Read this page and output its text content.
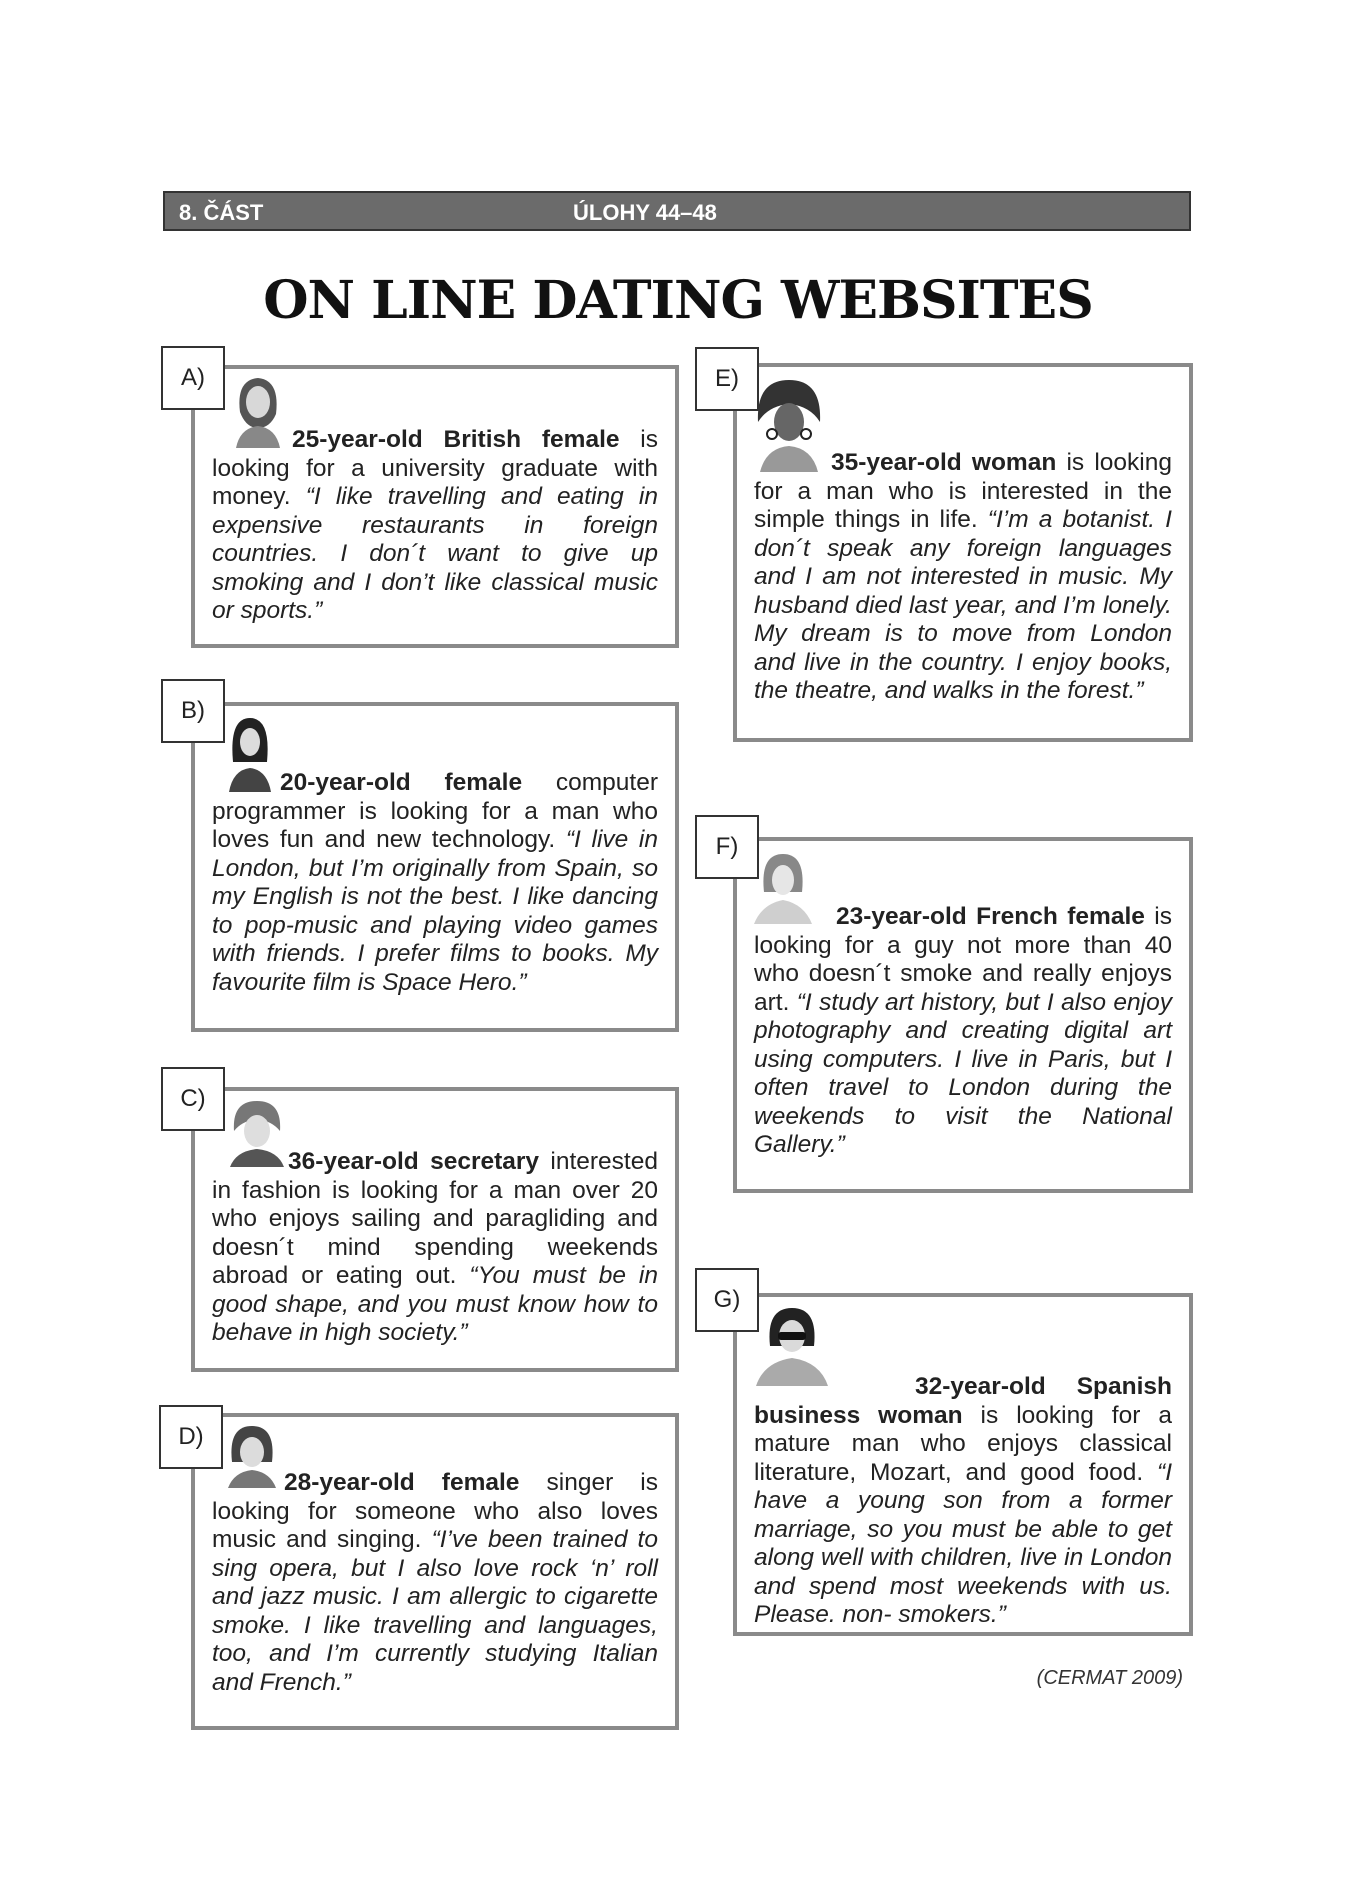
8. ČÁST	ÚLOHY 44–48
ON LINE DATING WEBSITES
A)
25-year-old British female is looking for a university graduate with money. “I like travelling and eating in expensive restaurants in foreign countries. I don´t want to give up smoking and I don’t like classical music or sports.”
B)
20-year-old female computer programmer is looking for a man who loves fun and new technology. “I live in London, but I’m originally from Spain, so my English is not the best. I like dancing to pop-music and playing video games with friends. I prefer films to books. My favourite film is Space Hero.”
C)
36-year-old secretary interested in fashion is looking for a man over 20 who enjoys sailing and paragliding and doesn´t mind spending weekends abroad or eating out. “You must be in good shape, and you must know how to behave in high society.”
D)
28-year-old female singer is looking for someone who also loves music and singing. “I’ve been trained to sing opera, but I also love rock ‘n’ roll and jazz music. I am allergic to cigarette smoke. I like travelling and languages, too, and I’m currently studying Italian and French.”
E)
35-year-old woman is looking for a man who is interested in the simple things in life. “I’m a botanist. I don´t speak any foreign languages and I am not interested in music. My husband died last year, and I’m lonely. My dream is to move from London and live in the country. I enjoy books, the theatre, and walks in the forest.”
F)
23-year-old French female is looking for a guy not more than 40 who doesn´t smoke and really enjoys art. “I study art history, but I also enjoy photography and creating digital art using computers. I live in Paris, but I often travel to London during the weekends to visit the National Gallery.”
G)
32-year-old Spanish business woman is looking for a mature man who enjoys classical literature, Mozart, and good food. “I have a young son from a former marriage, so you must be able to get along well with children, live in London and spend most weekends with us. Please. non- smokers.”
(CERMAT 2009)
